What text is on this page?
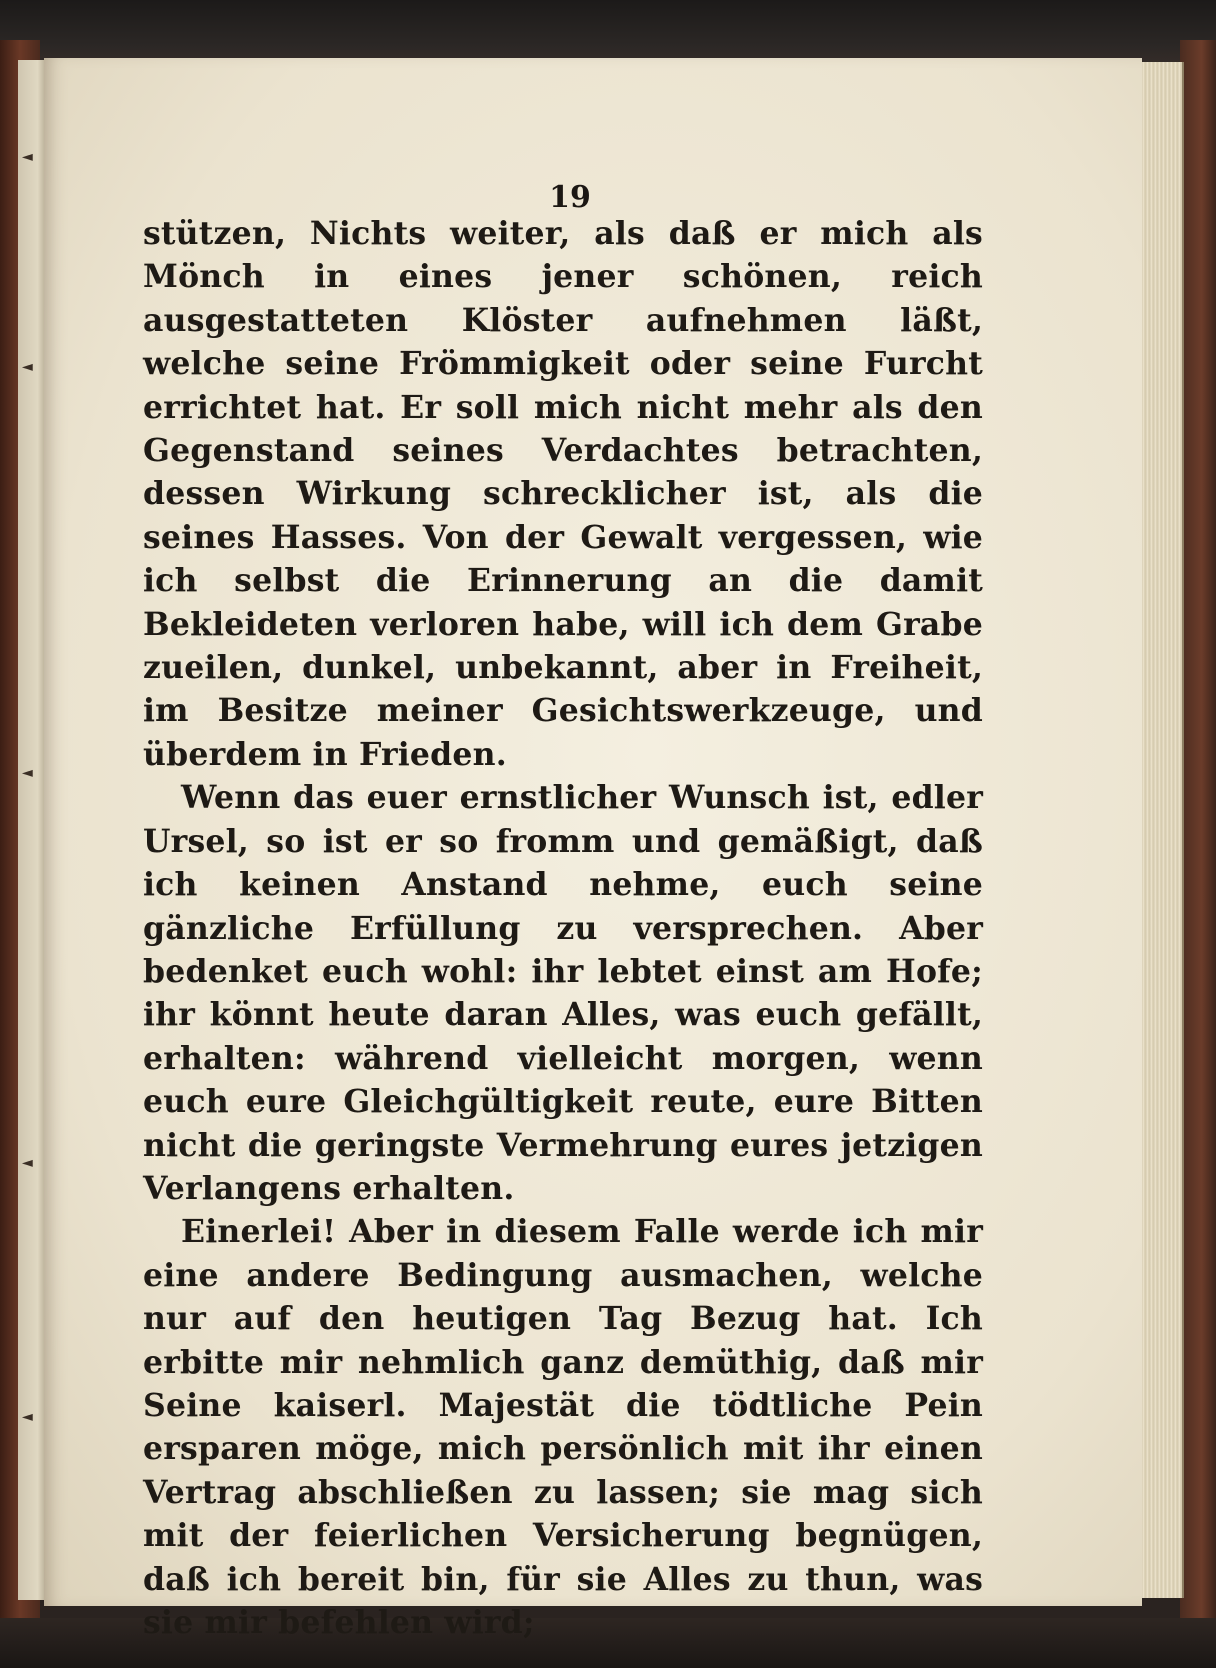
◄
◄
◄
◄
◄
19

stützen, Nichts weiter, als daß er mich als Mönch in eines jener schönen, reich ausgestatteten Klöster aufnehmen läßt, welche seine Frömmigkeit oder seine Furcht errichtet hat. Er soll mich nicht mehr als den Gegenstand seines Verdachtes betrachten, dessen Wirkung schrecklicher ist, als die seines Hasses. Von der Gewalt vergessen, wie ich selbst die Erinnerung an die damit Bekleideten verloren habe, will ich dem Grabe zueilen, dunkel, unbekannt, aber in Freiheit, im Besitze meiner Gesichtswerkzeuge, und überdem in Frieden.

Wenn das euer ernstlicher Wunsch ist, edler Ursel, so ist er so fromm und gemäßigt, daß ich keinen Anstand nehme, euch seine gänzliche Erfüllung zu versprechen. Aber bedenket euch wohl: ihr lebtet einst am Hofe; ihr könnt heute daran Alles, was euch gefällt, erhalten: während vielleicht morgen, wenn euch eure Gleichgültigkeit reute, eure Bitten nicht die geringste Vermehrung eures jetzigen Verlangens erhalten.

Einerlei! Aber in diesem Falle werde ich mir eine andere Bedingung ausmachen, welche nur auf den heutigen Tag Bezug hat. Ich erbitte mir nehmlich ganz demüthig, daß mir Seine kaiserl. Majestät die tödtliche Pein ersparen möge, mich persönlich mit ihr einen Vertrag abschließen zu lassen; sie mag sich mit der feierlichen Versicherung begnügen, daß ich bereit bin, für sie Alles zu thun, was sie mir befehlen wird;
